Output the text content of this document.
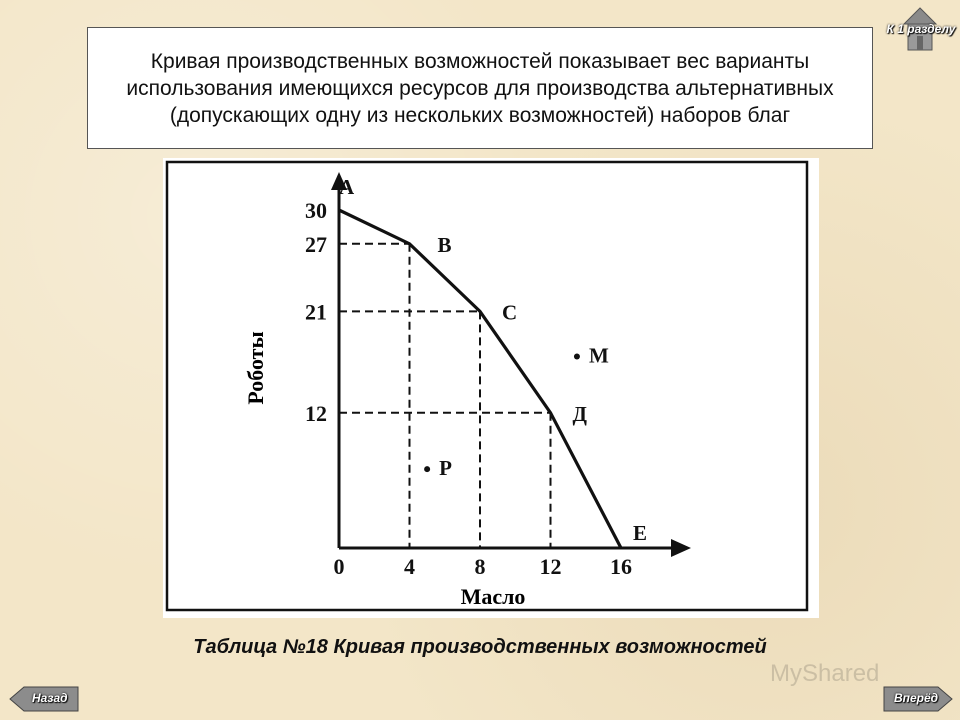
Кривая производственных возможностей показывает вес варианты использования имеющихся ресурсов для производства альтернативных (допускающих одну из нескольких возможностей) наборов благ
К 1 разделу
0	4	8 12 16
30
27
21
12
А
В
С
Д
Е
М
Р
Масло
Роботы
Таблица №18 Кривая производственных возможностей
MyShared
Назад	Вперёд
